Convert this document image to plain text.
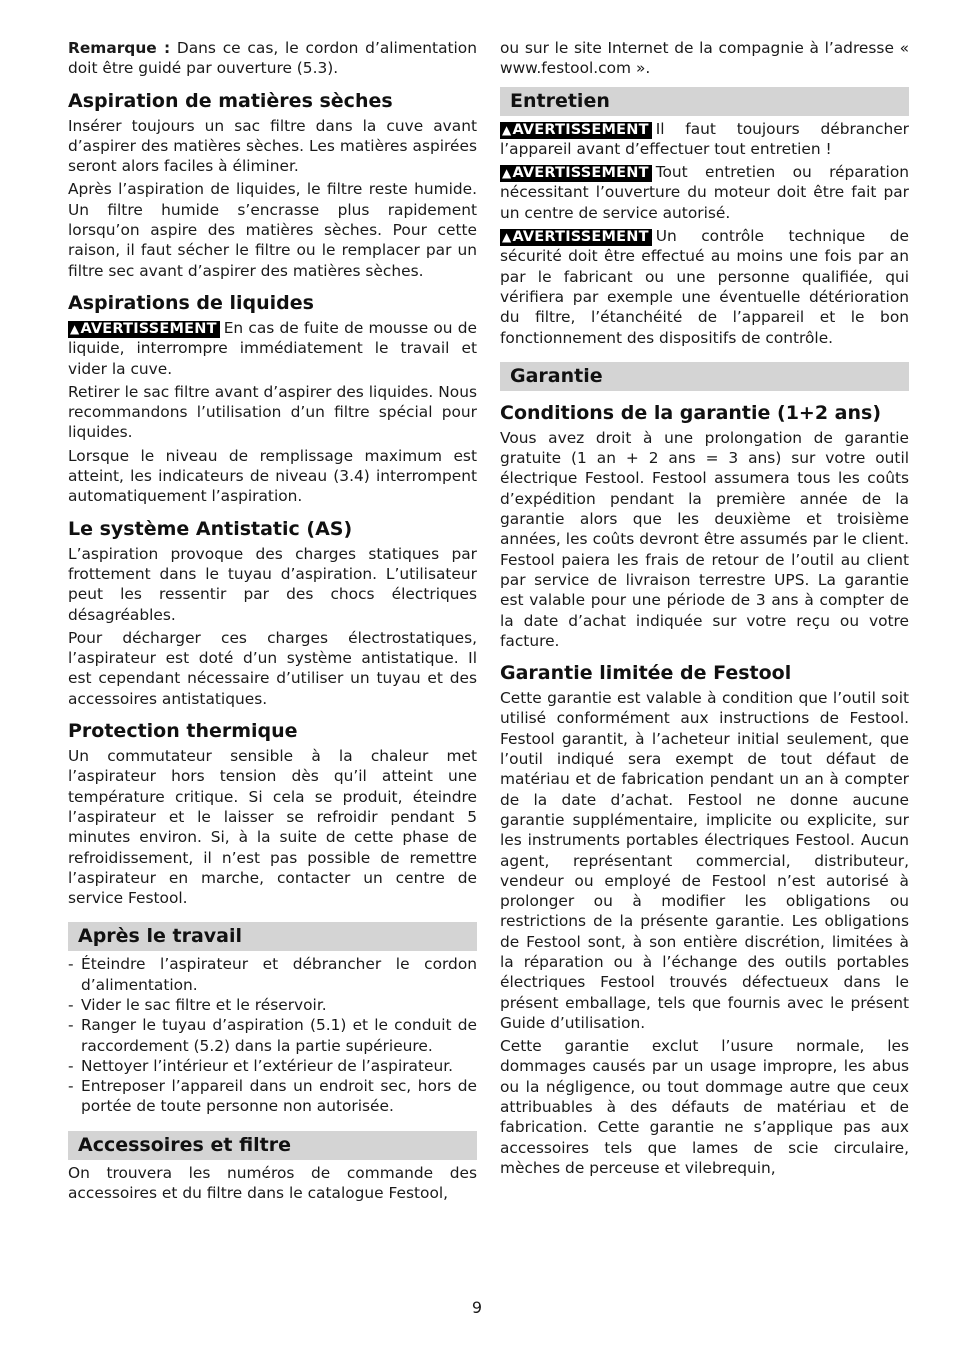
Remarque : Dans ce cas, le cordon d’alimentation doit être guidé par ouverture (5.3).

Aspiration de matières sèches

Insérer toujours un sac filtre dans la cuve avant d’aspirer des matières sèches. Les matières aspirées seront alors faciles à éliminer.

Après l’aspiration de liquides, le filtre reste humide. Un filtre humide s’encrasse plus rapidement lorsqu’on aspire des matières sèches. Pour cette raison, il faut sécher le filtre ou le remplacer par un filtre sec avant d’aspirer des matières sèches.

Aspirations de liquides

▲AVERTISSEMENT En cas de fuite de mousse ou de liquide, interrompre immédiatement le travail et vider la cuve.

Retirer le sac filtre avant d’aspirer des liquides. Nous recommandons l’utilisation d’un filtre spécial pour liquides.

Lorsque le niveau de remplissage maximum est atteint, les indicateurs de niveau (3.4) interrompent automatiquement l’aspiration.

Le système Antistatic (AS)

L’aspiration provoque des charges statiques par frottement dans le tuyau d’aspiration. L’utilisateur peut les ressentir par des chocs électriques désagréables.

Pour décharger ces charges électrostatiques, l’aspirateur est doté d’un système antistatique. Il est cependant nécessaire d’utiliser un tuyau et des accessoires antistatiques.

Protection thermique

Un commutateur sensible à la chaleur met l’aspirateur hors tension dès qu’il atteint une température critique. Si cela se produit, éteindre l’aspirateur et le laisser se refroidir pendant 5 minutes environ. Si, à la suite de cette phase de refroidissement, il n’est pas possible de remettre l’aspirateur en marche, contacter un centre de service Festool.

Après le travail
- Éteindre l’aspirateur et débrancher le cordon d’alimentation.
- Vider le sac filtre et le réservoir.
- Ranger le tuyau d’aspiration (5.1) et le conduit de raccordement (5.2) dans la partie supérieure.
- Nettoyer l’intérieur et l’extérieur de l’aspirateur.
- Entreposer l’appareil dans un endroit sec, hors de portée de toute personne non autorisée.
Accessoires et filtre

On trouvera les numéros de commande des accessoires et du filtre dans le catalogue Festool,

ou sur le site Internet de la compagnie à l’adresse « www.festool.com ».

Entretien

▲AVERTISSEMENT Il faut toujours débrancher l’appareil avant d’effectuer tout entretien !

▲AVERTISSEMENT Tout entretien ou réparation nécessitant l’ouverture du moteur doit être fait par un centre de service autorisé.

▲AVERTISSEMENT Un contrôle technique de sécurité doit être effectué au moins une fois par an par le fabricant ou une personne qualifiée, qui vérifiera par exemple une éventuelle détérioration du filtre, l’étanchéité de l’appareil et le bon fonctionnement des dispositifs de contrôle.

Garantie
Conditions de la garantie (1+2 ans)

Vous avez droit à une prolongation de garantie gratuite (1 an + 2 ans = 3 ans) sur votre outil électrique Festool. Festool assumera tous les coûts d’expédition pendant la première année de la garantie alors que les deuxième et troisième années, les coûts devront être assumés par le client. Festool paiera les frais de retour de l’outil au client par service de livraison terrestre UPS. La garantie est valable pour une période de 3 ans à compter de la date d’achat indiquée sur votre reçu ou votre facture.

Garantie limitée de Festool

Cette garantie est valable à condition que l’outil soit utilisé conformément aux instructions de Festool. Festool garantit, à l’acheteur initial seulement, que l’outil indiqué sera exempt de tout défaut de matériau et de fabrication pendant un an à compter de la date d’achat. Festool ne donne aucune garantie supplémentaire, implicite ou explicite, sur les instruments portables électriques Festool. Aucun agent, représentant commercial, distributeur, vendeur ou employé de Festool n’est autorisé à prolonger ou à modifier les obligations ou restrictions de la présente garantie. Les obligations de Festool sont, à son entière discrétion, limitées à la réparation ou à l’échange des outils portables électriques Festool trouvés défectueux dans le présent emballage, tels que fournis avec le présent Guide d’utilisation.

Cette garantie exclut l’usure normale, les dommages causés par un usage impropre, les abus ou la négligence, ou tout dommage autre que ceux attribuables à des défauts de matériau et de fabrication. Cette garantie ne s’applique pas aux accessoires tels que lames de scie circulaire, mèches de perceuse et vilebrequin,

9
